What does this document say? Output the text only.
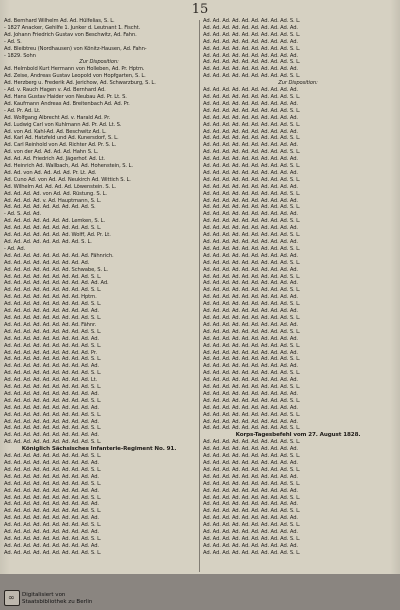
15
Ad. Bernhard Wilhelm Ad. Ad. Hülfelias, S. L.
- 1827 Anacker, Gehilfe 1. Junker d. Leutnant 1. Fischt.
Ad. Johann Friedrich Gustav von Beschwitz, Ad. Fahn.
- Ad. S.
Ad. Bleibtreu (Nordhausen) von Könitz-Hausen, Ad. Fahn-
- 1829. Sohn
Zur Disposition:
Ad. Helmbold Kurt Hermann von Holleben, Ad. Pr. Hptm.
Ad. Zeise, Andreas Gustav Leopold von Hopfgarten, S. L.
Ad. Herzberg u. Frederik Ad. Jerichow, Ad. Schwarzburg, S. L.
- Ad. v. Rauch Hagen v. Ad. Bernhard Ad.
Ad. Hans Gustav Haider von Neubau Ad. Pr. Lt. S.
Ad. Kaufmann Andreas Ad. Breitenbach Ad. Ad. Pr.
- Ad. Pr. Ad. Lt.
Ad. Wolfgang Albrecht Ad. v. Harald Ad. Pr.
Ad. Ludwig Carl von Kuhlmann Ad. Pr. Ad. Lt. S.
Ad. von Ad. Kahl-Ad. Ad. Beschwitz Ad. L.
Ad. Karl Ad. Hatzfeld und Ad. Kunersdorf, S. L.
Ad. Carl Reinhold von Ad. Richter Ad. Pr. S. L.
Ad. von der Ad. Ad. Ad. Ad. Hahn S. L.
Ad. Ad. Ad. Friedrich Ad. Jägerhof. Ad. Lt.
Ad. Heinrich Ad. Wallbach, Ad. Ad. Hohenstein, S. L.
Ad. Ad. von Ad. Ad. Ad. Ad. Pr. Lt. Ad.
Ad. Cuno Ad. von Ad. Ad. Neukirch Ad. Wittich S. L.
Ad. Wilhelm Ad. Ad. Ad. Ad. Löwenstein. S. L.
Ad. Ad. Ad. Ad. von Ad. Ad. Rüstung. S. L.
Ad. Ad. Ad. Ad. v. Ad. Hauptmann, S. L.
Ad. Ad. Ad. Ad. Ad. Ad. Ad. Ad. Ad. S.
- Ad. S. Ad. Ad.
Ad. Ad. Ad. Ad. Ad. Ad. Ad. Lemken, S. L.
Ad. Ad. Ad. Ad. Ad. Ad. Ad. Ad. Ad. S. L.
Ad. Ad. Ad. Ad. Ad. Ad. Ad. Wolff, Ad. Pr. Lt.
Ad. Ad. Ad. Ad. Ad. Ad. Ad. Ad. S. L.
- Ad. Ad.
Ad. Ad. Ad. Ad. Ad. Ad. Ad. Ad. Ad. Fähnrich.
Ad. Ad. Ad. Ad. Ad. Ad. Ad. Ad. Ad.
Ad. Ad. Ad. Ad. Ad. Ad. Ad. Schwabe, S. L.
Ad. Ad. Ad. Ad. Ad. Ad. Ad. Ad. Ad. S. L.
Ad. Ad. Ad. Ad. Ad. Ad. Ad. Ad. Ad. Ad. Ad.
Ad. Ad. Ad. Ad. Ad. Ad. Ad. Ad. Ad. S. L.
Ad. Ad. Ad. Ad. Ad. Ad. Ad. Ad. Hptm.
Ad. Ad. Ad. Ad. Ad. Ad. Ad. Ad. Ad. S. L.
Ad. Ad. Ad. Ad. Ad. Ad. Ad. Ad. Ad. Ad.
Ad. Ad. Ad. Ad. Ad. Ad. Ad. Ad. Ad. S. L.
Ad. Ad. Ad. Ad. Ad. Ad. Ad. Ad. Fähnr.
Ad. Ad. Ad. Ad. Ad. Ad. Ad. Ad. Ad. S. L.
Ad. Ad. Ad. Ad. Ad. Ad. Ad. Ad. Ad. Ad.
Ad. Ad. Ad. Ad. Ad. Ad. Ad. Ad. Ad. S. L.
Ad. Ad. Ad. Ad. Ad. Ad. Ad. Ad. Ad. Pr.
Ad. Ad. Ad. Ad. Ad. Ad. Ad. Ad. Ad. S. L.
Ad. Ad. Ad. Ad. Ad. Ad. Ad. Ad. Ad. Ad.
Ad. Ad. Ad. Ad. Ad. Ad. Ad. Ad. Ad. S. L.
Ad. Ad. Ad. Ad. Ad. Ad. Ad. Ad. Ad. Lt.
Ad. Ad. Ad. Ad. Ad. Ad. Ad. Ad. Ad. S. L.
Ad. Ad. Ad. Ad. Ad. Ad. Ad. Ad. Ad. Ad.
Ad. Ad. Ad. Ad. Ad. Ad. Ad. Ad. Ad. S. L.
Ad. Ad. Ad. Ad. Ad. Ad. Ad. Ad. Ad. Ad.
Ad. Ad. Ad. Ad. Ad. Ad. Ad. Ad. Ad. S. L.
Ad. Ad. Ad. Ad. Ad. Ad. Ad. Ad. Ad. Ad.
Ad. Ad. Ad. Ad. Ad. Ad. Ad. Ad. Ad. S. L.
Ad. Ad. Ad. Ad. Ad. Ad. Ad. Ad. Ad. Ad.
Ad. Ad. Ad. Ad. Ad. Ad. Ad. Ad. Ad. S. L.
Königlich Sächsisches Infanterie-Regiment No. 91.
Ad. Ad. Ad. Ad. Ad. Ad. Ad. Ad. Ad. S. L.
Ad. Ad. Ad. Ad. Ad. Ad. Ad. Ad. Ad. Ad.
Ad. Ad. Ad. Ad. Ad. Ad. Ad. Ad. Ad. S. L.
Ad. Ad. Ad. Ad. Ad. Ad. Ad. Ad. Ad. Ad.
Ad. Ad. Ad. Ad. Ad. Ad. Ad. Ad. Ad. S. L.
Ad. Ad. Ad. Ad. Ad. Ad. Ad. Ad. Ad. Ad.
Ad. Ad. Ad. Ad. Ad. Ad. Ad. Ad. Ad. S. L.
Ad. Ad. Ad. Ad. Ad. Ad. Ad. Ad. Ad. Ad.
Ad. Ad. Ad. Ad. Ad. Ad. Ad. Ad. Ad. S. L.
Ad. Ad. Ad. Ad. Ad. Ad. Ad. Ad. Ad. Ad.
Ad. Ad. Ad. Ad. Ad. Ad. Ad. Ad. Ad. S. L.
Ad. Ad. Ad. Ad. Ad. Ad. Ad. Ad. Ad. Ad.
Ad. Ad. Ad. Ad. Ad. Ad. Ad. Ad. Ad. S. L.
Ad. Ad. Ad. Ad. Ad. Ad. Ad. Ad. Ad. Ad.
Ad. Ad. Ad. Ad. Ad. Ad. Ad. Ad. Ad. S. L.
Ad. Ad. Ad. Ad. Ad. Ad. Ad. Ad. Ad. S. L.
Ad. Ad. Ad. Ad. Ad. Ad. Ad. Ad. Ad. Ad.
Ad. Ad. Ad. Ad. Ad. Ad. Ad. Ad. Ad. S. L.
Ad. Ad. Ad. Ad. Ad. Ad. Ad. Ad. Ad. Ad.
Ad. Ad. Ad. Ad. Ad. Ad. Ad. Ad. Ad. S. L.
Ad. Ad. Ad. Ad. Ad. Ad. Ad. Ad. Ad. Ad.
Ad. Ad. Ad. Ad. Ad. Ad. Ad. Ad. Ad. S. L.
Ad. Ad. Ad. Ad. Ad. Ad. Ad. Ad. Ad. Ad.
Ad. Ad. Ad. Ad. Ad. Ad. Ad. Ad. Ad. S. L.
Zur Disposition:
Ad. Ad. Ad. Ad. Ad. Ad. Ad. Ad. Ad. Ad.
Ad. Ad. Ad. Ad. Ad. Ad. Ad. Ad. Ad. S. L.
Ad. Ad. Ad. Ad. Ad. Ad. Ad. Ad. Ad. Ad.
Ad. Ad. Ad. Ad. Ad. Ad. Ad. Ad. Ad. S. L.
Ad. Ad. Ad. Ad. Ad. Ad. Ad. Ad. Ad. Ad.
Ad. Ad. Ad. Ad. Ad. Ad. Ad. Ad. Ad. S. L.
Ad. Ad. Ad. Ad. Ad. Ad. Ad. Ad. Ad. Ad.
Ad. Ad. Ad. Ad. Ad. Ad. Ad. Ad. Ad. S. L.
Ad. Ad. Ad. Ad. Ad. Ad. Ad. Ad. Ad. Ad.
Ad. Ad. Ad. Ad. Ad. Ad. Ad. Ad. Ad. S. L.
Ad. Ad. Ad. Ad. Ad. Ad. Ad. Ad. Ad. Ad.
Ad. Ad. Ad. Ad. Ad. Ad. Ad. Ad. Ad. S. L.
Ad. Ad. Ad. Ad. Ad. Ad. Ad. Ad. Ad. Ad.
Ad. Ad. Ad. Ad. Ad. Ad. Ad. Ad. Ad. S. L.
Ad. Ad. Ad. Ad. Ad. Ad. Ad. Ad. Ad. Ad.
Ad. Ad. Ad. Ad. Ad. Ad. Ad. Ad. Ad. S. L.
Ad. Ad. Ad. Ad. Ad. Ad. Ad. Ad. Ad. Ad.
Ad. Ad. Ad. Ad. Ad. Ad. Ad. Ad. Ad. S. L.
Ad. Ad. Ad. Ad. Ad. Ad. Ad. Ad. Ad. Ad.
Ad. Ad. Ad. Ad. Ad. Ad. Ad. Ad. Ad. S. L.
Ad. Ad. Ad. Ad. Ad. Ad. Ad. Ad. Ad. Ad.
Ad. Ad. Ad. Ad. Ad. Ad. Ad. Ad. Ad. S. L.
Ad. Ad. Ad. Ad. Ad. Ad. Ad. Ad. Ad. Ad.
Ad. Ad. Ad. Ad. Ad. Ad. Ad. Ad. Ad. S. L.
Ad. Ad. Ad. Ad. Ad. Ad. Ad. Ad. Ad. Ad.
Ad. Ad. Ad. Ad. Ad. Ad. Ad. Ad. Ad. S. L.
Ad. Ad. Ad. Ad. Ad. Ad. Ad. Ad. Ad. Ad.
Ad. Ad. Ad. Ad. Ad. Ad. Ad. Ad. Ad. S. L.
Ad. Ad. Ad. Ad. Ad. Ad. Ad. Ad. Ad. Ad.
Ad. Ad. Ad. Ad. Ad. Ad. Ad. Ad. Ad. S. L.
Ad. Ad. Ad. Ad. Ad. Ad. Ad. Ad. Ad. Ad.
Ad. Ad. Ad. Ad. Ad. Ad. Ad. Ad. Ad. S. L.
Ad. Ad. Ad. Ad. Ad. Ad. Ad. Ad. Ad. Ad.
Ad. Ad. Ad. Ad. Ad. Ad. Ad. Ad. Ad. S. L.
Ad. Ad. Ad. Ad. Ad. Ad. Ad. Ad. Ad. Ad.
Ad. Ad. Ad. Ad. Ad. Ad. Ad. Ad. Ad. S. L.
Ad. Ad. Ad. Ad. Ad. Ad. Ad. Ad. Ad. Ad.
Ad. Ad. Ad. Ad. Ad. Ad. Ad. Ad. Ad. S. L.
Ad. Ad. Ad. Ad. Ad. Ad. Ad. Ad. Ad. Ad.
Ad. Ad. Ad. Ad. Ad. Ad. Ad. Ad. Ad. S. L.
Ad. Ad. Ad. Ad. Ad. Ad. Ad. Ad. Ad. Ad.
Ad. Ad. Ad. Ad. Ad. Ad. Ad. Ad. Ad. S. L.
Ad. Ad. Ad. Ad. Ad. Ad. Ad. Ad. Ad. Ad.
Ad. Ad. Ad. Ad. Ad. Ad. Ad. Ad. Ad. S. L.
Ad. Ad. Ad. Ad. Ad. Ad. Ad. Ad. Ad. Ad.
Ad. Ad. Ad. Ad. Ad. Ad. Ad. Ad. Ad. S. L.
Ad. Ad. Ad. Ad. Ad. Ad. Ad. Ad. Ad. Ad.
Ad. Ad. Ad. Ad. Ad. Ad. Ad. Ad. Ad. S. L.
Ad. Ad. Ad. Ad. Ad. Ad. Ad. Ad. Ad. Ad.
Ad. Ad. Ad. Ad. Ad. Ad. Ad. Ad. Ad. S. L.
Korps-Tagesbefehl vom 27. August 1828.
Ad. Ad. Ad. Ad. Ad. Ad. Ad. Ad. Ad. S. L.
Ad. Ad. Ad. Ad. Ad. Ad. Ad. Ad. Ad. Ad.
Ad. Ad. Ad. Ad. Ad. Ad. Ad. Ad. Ad. S. L.
Ad. Ad. Ad. Ad. Ad. Ad. Ad. Ad. Ad. Ad.
Ad. Ad. Ad. Ad. Ad. Ad. Ad. Ad. Ad. S. L.
Ad. Ad. Ad. Ad. Ad. Ad. Ad. Ad. Ad. Ad.
Ad. Ad. Ad. Ad. Ad. Ad. Ad. Ad. Ad. S. L.
Ad. Ad. Ad. Ad. Ad. Ad. Ad. Ad. Ad. Ad.
Ad. Ad. Ad. Ad. Ad. Ad. Ad. Ad. Ad. S. L.
Ad. Ad. Ad. Ad. Ad. Ad. Ad. Ad. Ad. Ad.
Ad. Ad. Ad. Ad. Ad. Ad. Ad. Ad. Ad. S. L.
Ad. Ad. Ad. Ad. Ad. Ad. Ad. Ad. Ad. Ad.
Ad. Ad. Ad. Ad. Ad. Ad. Ad. Ad. Ad. S. L.
Ad. Ad. Ad. Ad. Ad. Ad. Ad. Ad. Ad. Ad.
Ad. Ad. Ad. Ad. Ad. Ad. Ad. Ad. Ad. S. L.
Ad. Ad. Ad. Ad. Ad. Ad. Ad. Ad. Ad. Ad.
Ad. Ad. Ad. Ad. Ad. Ad. Ad. Ad. Ad. S. L.
∞ Digitalisiert von
Staatsbibliothek zu Berlin
